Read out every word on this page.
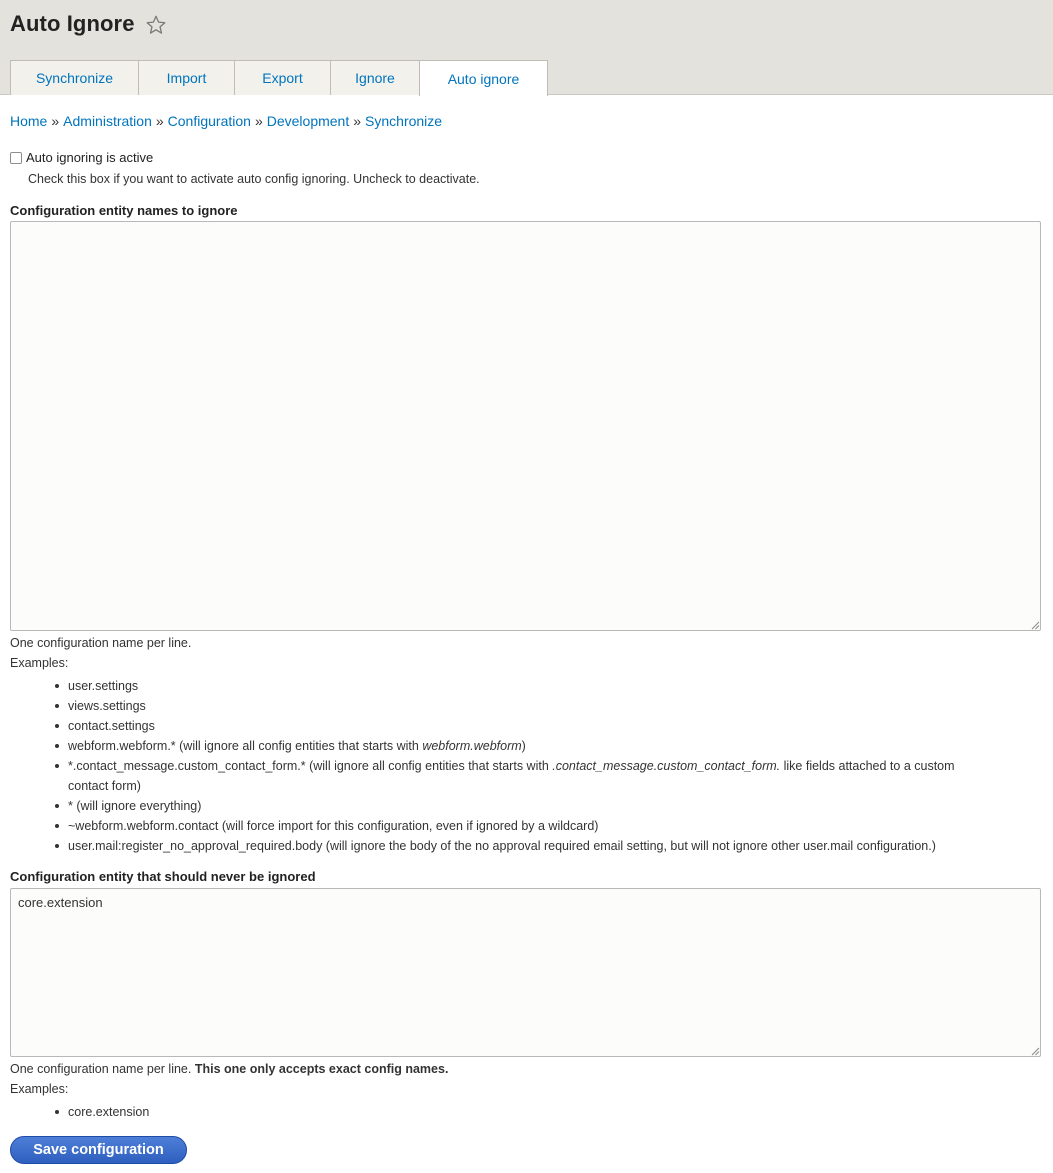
Auto Ignore
Synchronize	Import	Export	Ignore	Auto ignore
Home » Administration » Configuration » Development » Synchronize
Auto ignoring is active
Check this box if you want to activate auto config ignoring. Uncheck to deactivate.
Configuration entity names to ignore
One configuration name per line.
Examples:
user.settings
views.settings
contact.settings
webform.webform.* (will ignore all config entities that starts with webform.webform)
*.contact_message.custom_contact_form.* (will ignore all config entities that starts with .contact_message.custom_contact_form. like fields attached to a custom
contact form)
* (will ignore everything)
~webform.webform.contact (will force import for this configuration, even if ignored by a wildcard)
user.mail:register_no_approval_required.body (will ignore the body of the no approval required email setting, but will not ignore other user.mail configuration.)
Configuration entity that should never be ignored
core.extension
One configuration name per line. This one only accepts exact config names.
Examples:
core.extension
Save configuration
